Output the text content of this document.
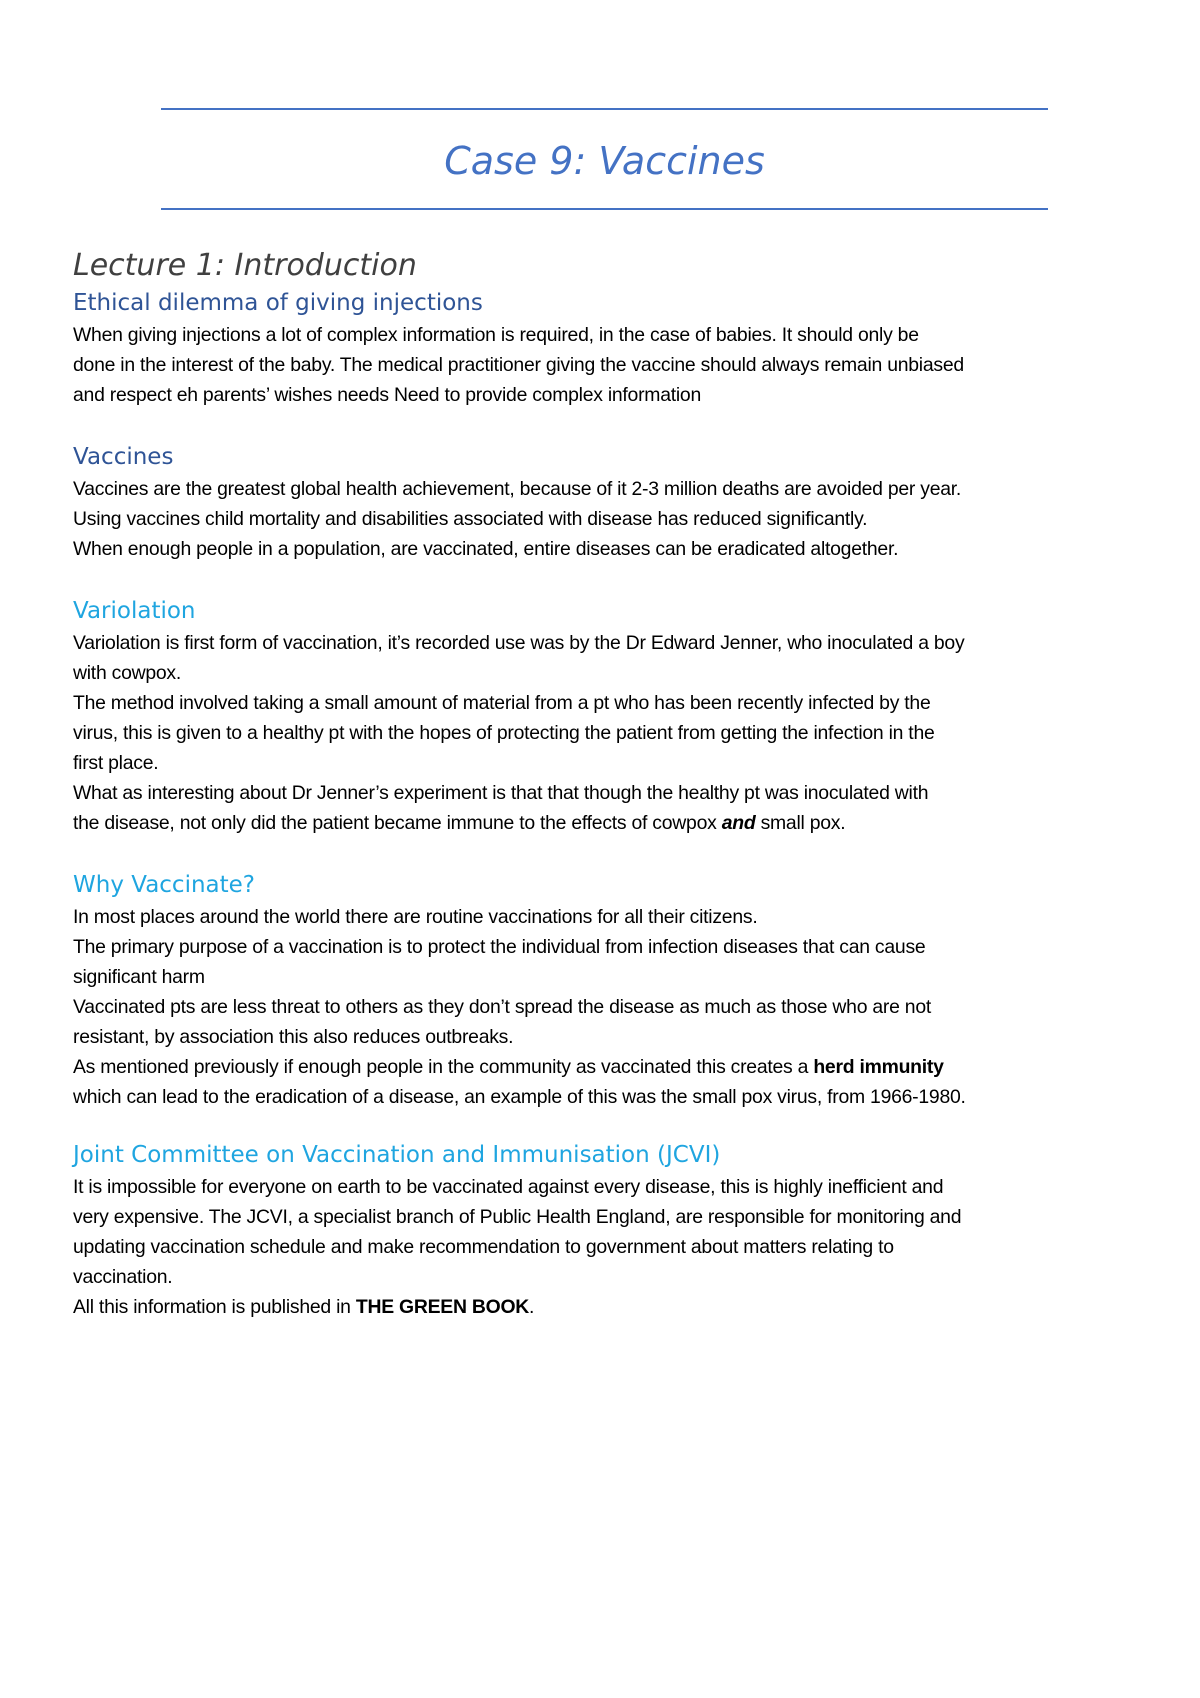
Case 9: Vaccines
Lecture 1: Introduction
Ethical dilemma of giving injections

When giving injections a lot of complex information is required, in the case of babies. It should only be

done in the interest of the baby. The medical practitioner giving the vaccine should always remain unbiased

and respect eh parents’ wishes needs Need to provide complex information

Vaccines

Vaccines are the greatest global health achievement, because of it 2-3 million deaths are avoided per year.

Using vaccines child mortality and disabilities associated with disease has reduced significantly.

When enough people in a population, are vaccinated, entire diseases can be eradicated altogether.

Variolation

Variolation is first form of vaccination, it’s recorded use was by the Dr Edward Jenner, who inoculated a boy

with cowpox.

The method involved taking a small amount of material from a pt who has been recently infected by the

virus, this is given to a healthy pt with the hopes of protecting the patient from getting the infection in the

first place.

What as interesting about Dr Jenner’s experiment is that that though the healthy pt was inoculated with

the disease, not only did the patient became immune to the effects of cowpox and small pox.

Why Vaccinate?

In most places around the world there are routine vaccinations for all their citizens.

The primary purpose of a vaccination is to protect the individual from infection diseases that can cause

significant harm

Vaccinated pts are less threat to others as they don’t spread the disease as much as those who are not

resistant, by association this also reduces outbreaks.

As mentioned previously if enough people in the community as vaccinated this creates a herd immunity

which can lead to the eradication of a disease, an example of this was the small pox virus, from 1966-1980.

Joint Committee on Vaccination and Immunisation (JCVI)

It is impossible for everyone on earth to be vaccinated against every disease, this is highly inefficient and

very expensive. The JCVI, a specialist branch of Public Health England, are responsible for monitoring and

updating vaccination schedule and make recommendation to government about matters relating to

vaccination.

All this information is published in THE GREEN BOOK.
